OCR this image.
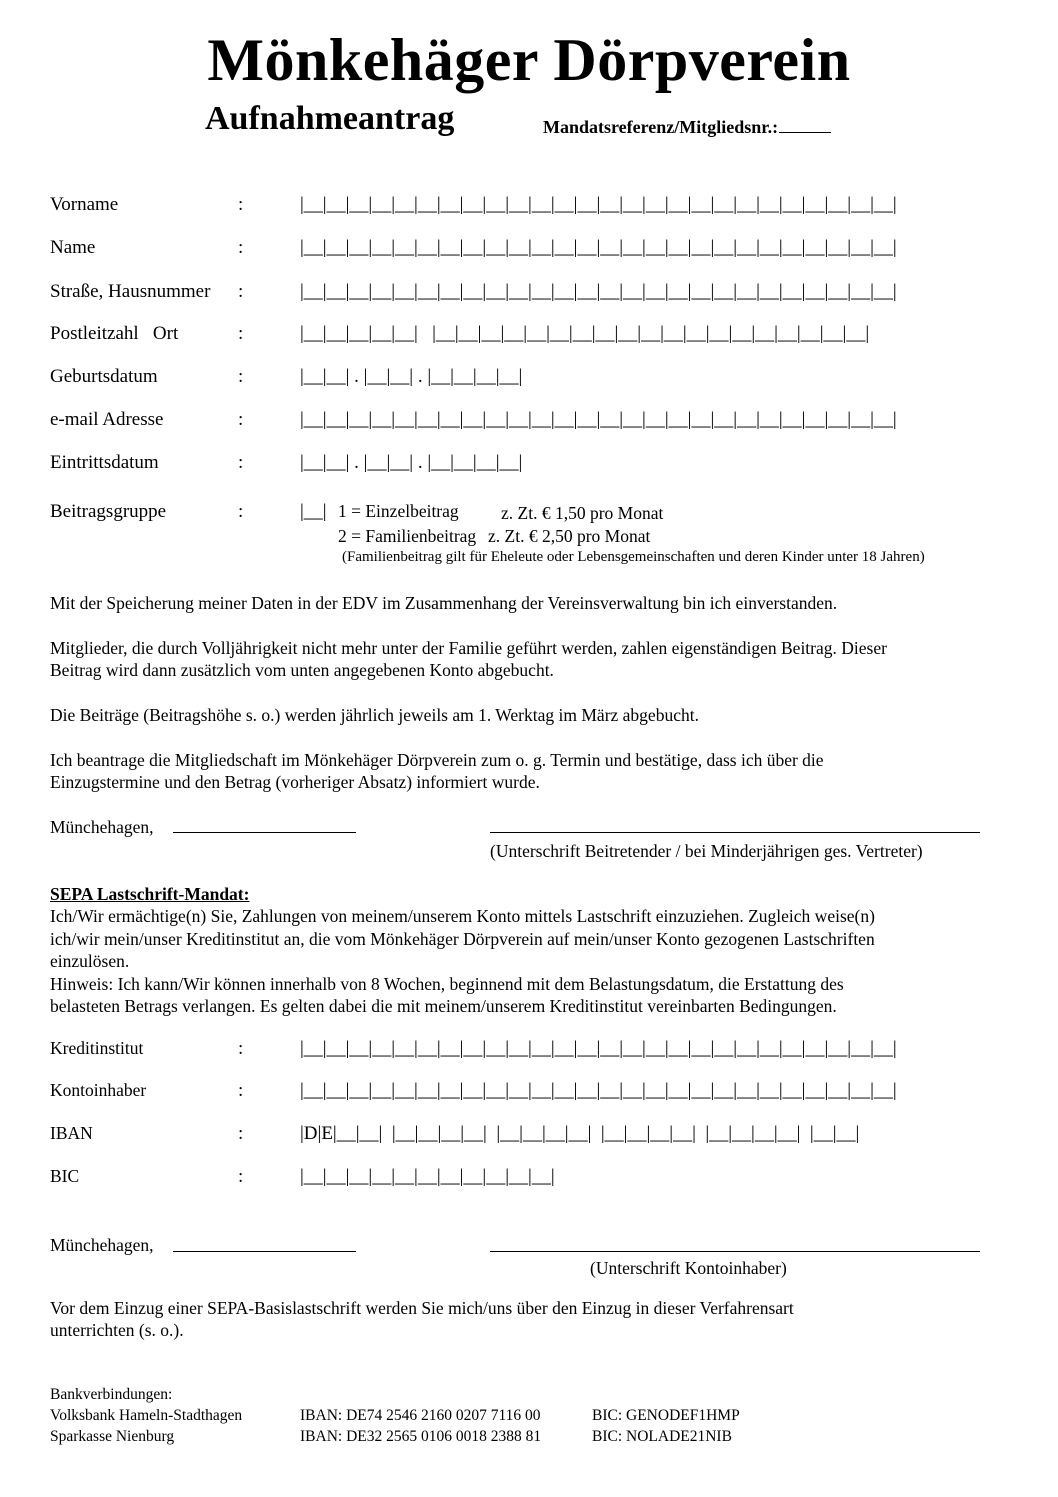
Mönkehäger Dörpverein
Aufnahmeantrag	Mandatsreferenz/Mitgliedsnr.:
Vorname	:	|__|__|__|__|__|__|__|__|__|__|__|__|__|__|__|__|__|__|__|__|__|__|__|__|__|__|
Name	:	|__|__|__|__|__|__|__|__|__|__|__|__|__|__|__|__|__|__|__|__|__|__|__|__|__|__|
Straße, Hausnummer :	|__|__|__|__|__|__|__|__|__|__|__|__|__|__|__|__|__|__|__|__|__|__|__|__|__|__|
Postleitzahl   Ort	:	|__|__|__|__|__|   |__|__|__|__|__|__|__|__|__|__|__|__|__|__|__|__|__|__|__|
Geburtsdatum	:	|__|__| . |__|__| . |__|__|__|__|
e-mail Adresse	:	|__|__|__|__|__|__|__|__|__|__|__|__|__|__|__|__|__|__|__|__|__|__|__|__|__|__|
Eintrittsdatum	:	|__|__| . |__|__| . |__|__|__|__|
Beitragsgruppe	:	|__| 1 = Einzelbeitrag z. Zt. € 1,50 pro Monat
2 = Familienbeitrag z. Zt. € 2,50 pro Monat
(Familienbeitrag gilt für Eheleute oder Lebensgemeinschaften und deren Kinder unter 18 Jahren)
Mit der Speicherung meiner Daten in der EDV im Zusammenhang der Vereinsverwaltung bin ich einverstanden.
Mitglieder, die durch Volljährigkeit nicht mehr unter der Familie geführt werden, zahlen eigenständigen Beitrag. Dieser
Beitrag wird dann zusätzlich vom unten angegebenen Konto abgebucht.
Die Beiträge (Beitragshöhe s. o.) werden jährlich jeweils am 1. Werktag im März abgebucht.
Ich beantrage die Mitgliedschaft im Mönkehäger Dörpverein zum o. g. Termin und bestätige, dass ich über die
Einzugstermine und den Betrag (vorheriger Absatz) informiert wurde.
Münchehagen,
(Unterschrift Beitretender / bei Minderjährigen ges. Vertreter)
SEPA Lastschrift-Mandat:
Ich/Wir ermächtige(n) Sie, Zahlungen von meinem/unserem Konto mittels Lastschrift einzuziehen. Zugleich weise(n)
ich/wir mein/unser Kreditinstitut an, die vom Mönkehäger Dörpverein auf mein/unser Konto gezogenen Lastschriften
einzulösen.
Hinweis: Ich kann/Wir können innerhalb von 8 Wochen, beginnend mit dem Belastungsdatum, die Erstattung des
belasteten Betrags verlangen. Es gelten dabei die mit meinem/unserem Kreditinstitut vereinbarten Bedingungen.
Kreditinstitut	:	|__|__|__|__|__|__|__|__|__|__|__|__|__|__|__|__|__|__|__|__|__|__|__|__|__|__|
Kontoinhaber	:	|__|__|__|__|__|__|__|__|__|__|__|__|__|__|__|__|__|__|__|__|__|__|__|__|__|__|
IBAN	:	|D|E|__|__|  |__|__|__|__|  |__|__|__|__|  |__|__|__|__|  |__|__|__|__|  |__|__|
BIC	:	|__|__|__|__|__|__|__|__|__|__|__|
Münchehagen,
(Unterschrift Kontoinhaber)
Vor dem Einzug einer SEPA-Basislastschrift werden Sie mich/uns über den Einzug in dieser Verfahrensart
unterrichten (s. o.).
Bankverbindungen:
Volksbank Hameln-Stadthagen	IBAN: DE74 2546 2160 0207 7116 00	BIC: GENODEF1HMP
Sparkasse Nienburg	IBAN: DE32 2565 0106 0018 2388 81	BIC: NOLADE21NIB
